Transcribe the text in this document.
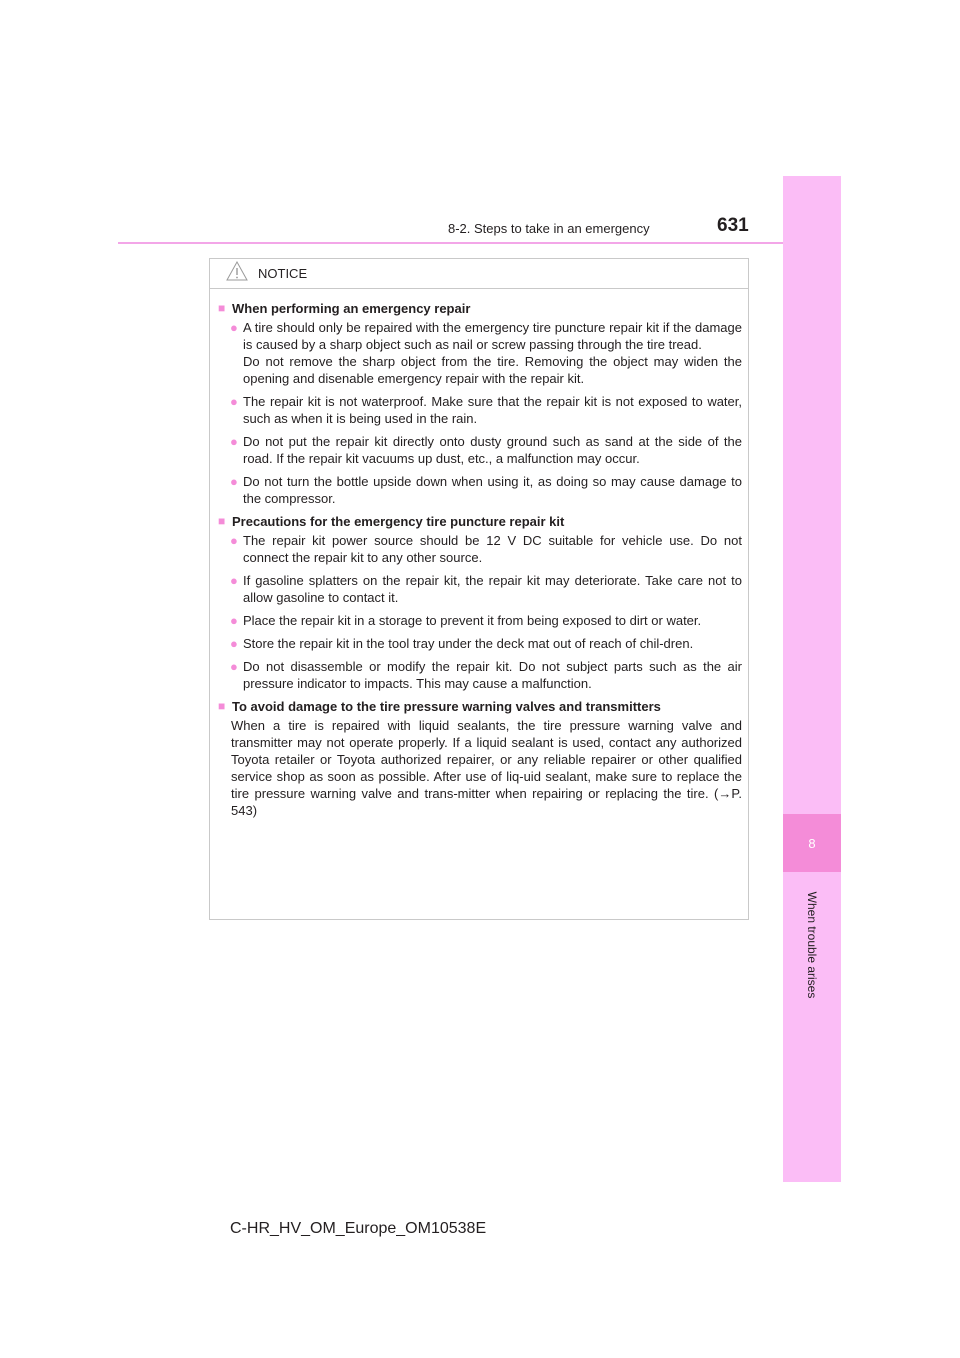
8-2. Steps to take in an emergency	631
8
When trouble arises
NOTICE
■ When performing an emergency repair
● A tire should only be repaired with the emergency tire puncture repair kit if the damage is caused by a sharp object such as nail or screw passing through the tire tread.
Do not remove the sharp object from the tire. Removing the object may widen the opening and disenable emergency repair with the repair kit.
● The repair kit is not waterproof. Make sure that the repair kit is not exposed to water, such as when it is being used in the rain.
● Do not put the repair kit directly onto dusty ground such as sand at the side of the road. If the repair kit vacuums up dust, etc., a malfunction may occur.
● Do not turn the bottle upside down when using it, as doing so may cause damage to the compressor.
■ Precautions for the emergency tire puncture repair kit
● The repair kit power source should be 12 V DC suitable for vehicle use. Do not connect the repair kit to any other source.
● If gasoline splatters on the repair kit, the repair kit may deteriorate. Take care not to allow gasoline to contact it.
● Place the repair kit in a storage to prevent it from being exposed to dirt or water.
● Store the repair kit in the tool tray under the deck mat out of reach of chil-dren.
● Do not disassemble or modify the repair kit. Do not subject parts such as the air pressure indicator to impacts. This may cause a malfunction.
■ To avoid damage to the tire pressure warning valves and transmitters
When a tire is repaired with liquid sealants, the tire pressure warning valve and transmitter may not operate properly. If a liquid sealant is used, contact any authorized Toyota retailer or Toyota authorized repairer, or any reliable repairer or other qualified service shop as soon as possible. After use of liq-uid sealant, make sure to replace the tire pressure warning valve and trans-mitter when repairing or replacing the tire. (→P. 543)
C-HR_HV_OM_Europe_OM10538E
